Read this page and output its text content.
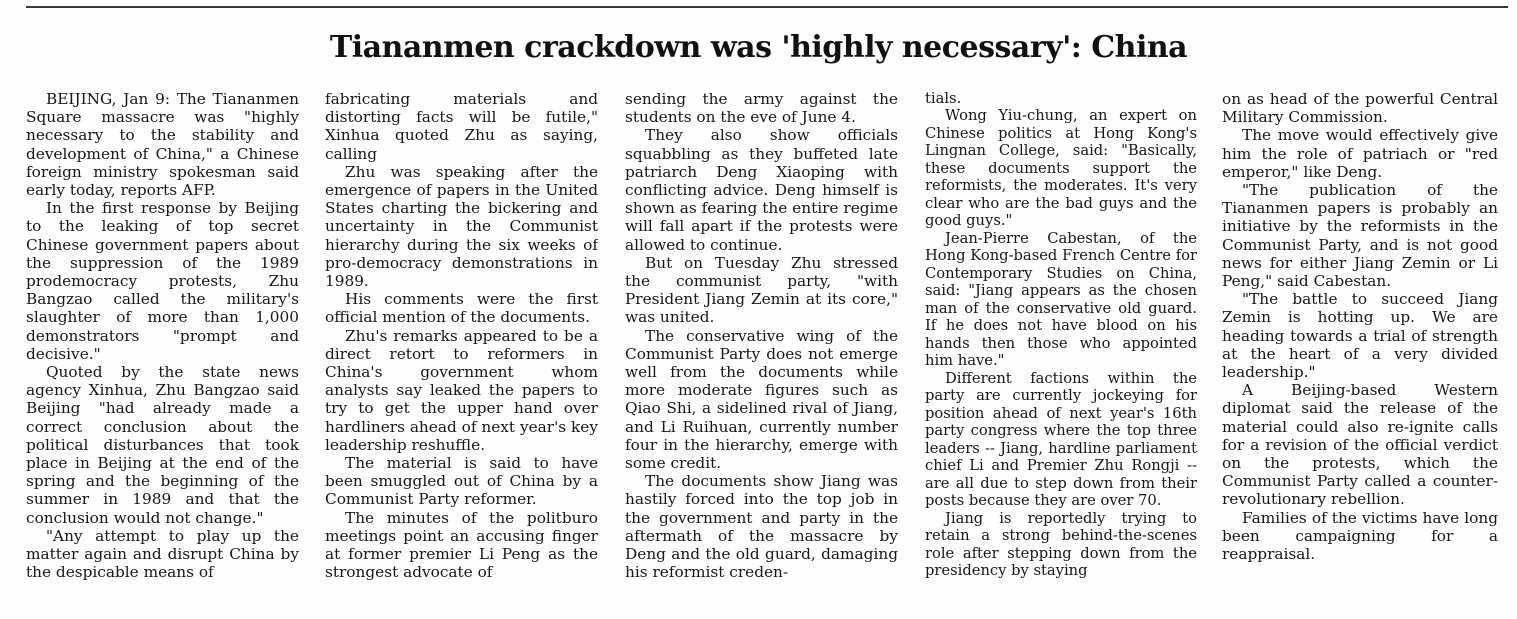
Tiananmen crackdown was 'highly necessary': China

BEIJING, Jan 9: The Tiananmen Square massacre was "highly necessary to the stability and development of China," a Chinese foreign ministry spokesman said early today, reports AFP.

In the first response by Beijing to the leaking of top secret Chinese government papers about the suppression of the 1989 prodemocracy protests, Zhu Bangzao called the military's slaughter of more than 1,000 demonstrators "prompt and decisive."

Quoted by the state news agency Xinhua, Zhu Bangzao said Beijing "had already made a correct conclusion about the political disturbances that took place in Beijing at the end of the spring and the beginning of the summer in 1989 and that the conclusion would not change."

"Any attempt to play up the matter again and disrupt China by the despicable means of

fabricating materials and distorting facts will be futile," Xinhua quoted Zhu as saying, calling

Zhu was speaking after the emergence of papers in the United States charting the bickering and uncertainty in the Communist hierarchy during the six weeks of pro-democracy demonstrations in 1989.

His comments were the first official mention of the documents.

Zhu's remarks appeared to be a direct retort to reformers in China's government whom analysts say leaked the papers to try to get the upper hand over hardliners ahead of next year's key leadership reshuffle.

The material is said to have been smuggled out of China by a Communist Party reformer.

The minutes of the politburo meetings point an accusing finger at former premier Li Peng as the strongest advocate of

sending the army against the students on the eve of June 4.

They also show officials squabbling as they buffeted late patriarch Deng Xiaoping with conflicting advice. Deng himself is shown as fearing the entire regime will fall apart if the protests were allowed to continue.

But on Tuesday Zhu stressed the communist party, "with President Jiang Zemin at its core," was united.

The conservative wing of the Communist Party does not emerge well from the documents while more moderate figures such as Qiao Shi, a sidelined rival of Jiang, and Li Ruihuan, currently number four in the hierarchy, emerge with some credit.

The documents show Jiang was hastily forced into the top job in the government and party in the aftermath of the massacre by Deng and the old guard, damaging his reformist creden-

tials.

Wong Yiu-chung, an expert on Chinese politics at Hong Kong's Lingnan College, said: "Basically, these documents support the reformists, the moderates. It's very clear who are the bad guys and the good guys."

Jean-Pierre Cabestan, of the Hong Kong-based French Centre for Contemporary Studies on China, said: "Jiang appears as the chosen man of the conservative old guard. If he does not have blood on his hands then those who appointed him have."

Different factions within the party are currently jockeying for position ahead of next year's 16th party congress where the top three leaders -- Jiang, hardline parliament chief Li and Premier Zhu Rongji -- are all due to step down from their posts because they are over 70.

Jiang is reportedly trying to retain a strong behind-the-scenes role after stepping down from the presidency by staying

on as head of the powerful Central Military Commission.

The move would effectively give him the role of patriach or "red emperor," like Deng.

"The publication of the Tiananmen papers is probably an initiative by the reformists in the Communist Party, and is not good news for either Jiang Zemin or Li Peng," said Cabestan.

"The battle to succeed Jiang Zemin is hotting up. We are heading towards a trial of strength at the heart of a very divided leadership."

A Beijing-based Western diplomat said the release of the material could also re-ignite calls for a revision of the official verdict on the protests, which the Communist Party called a counter-revolutionary rebellion.

Families of the victims have long been campaigning for a reappraisal.
